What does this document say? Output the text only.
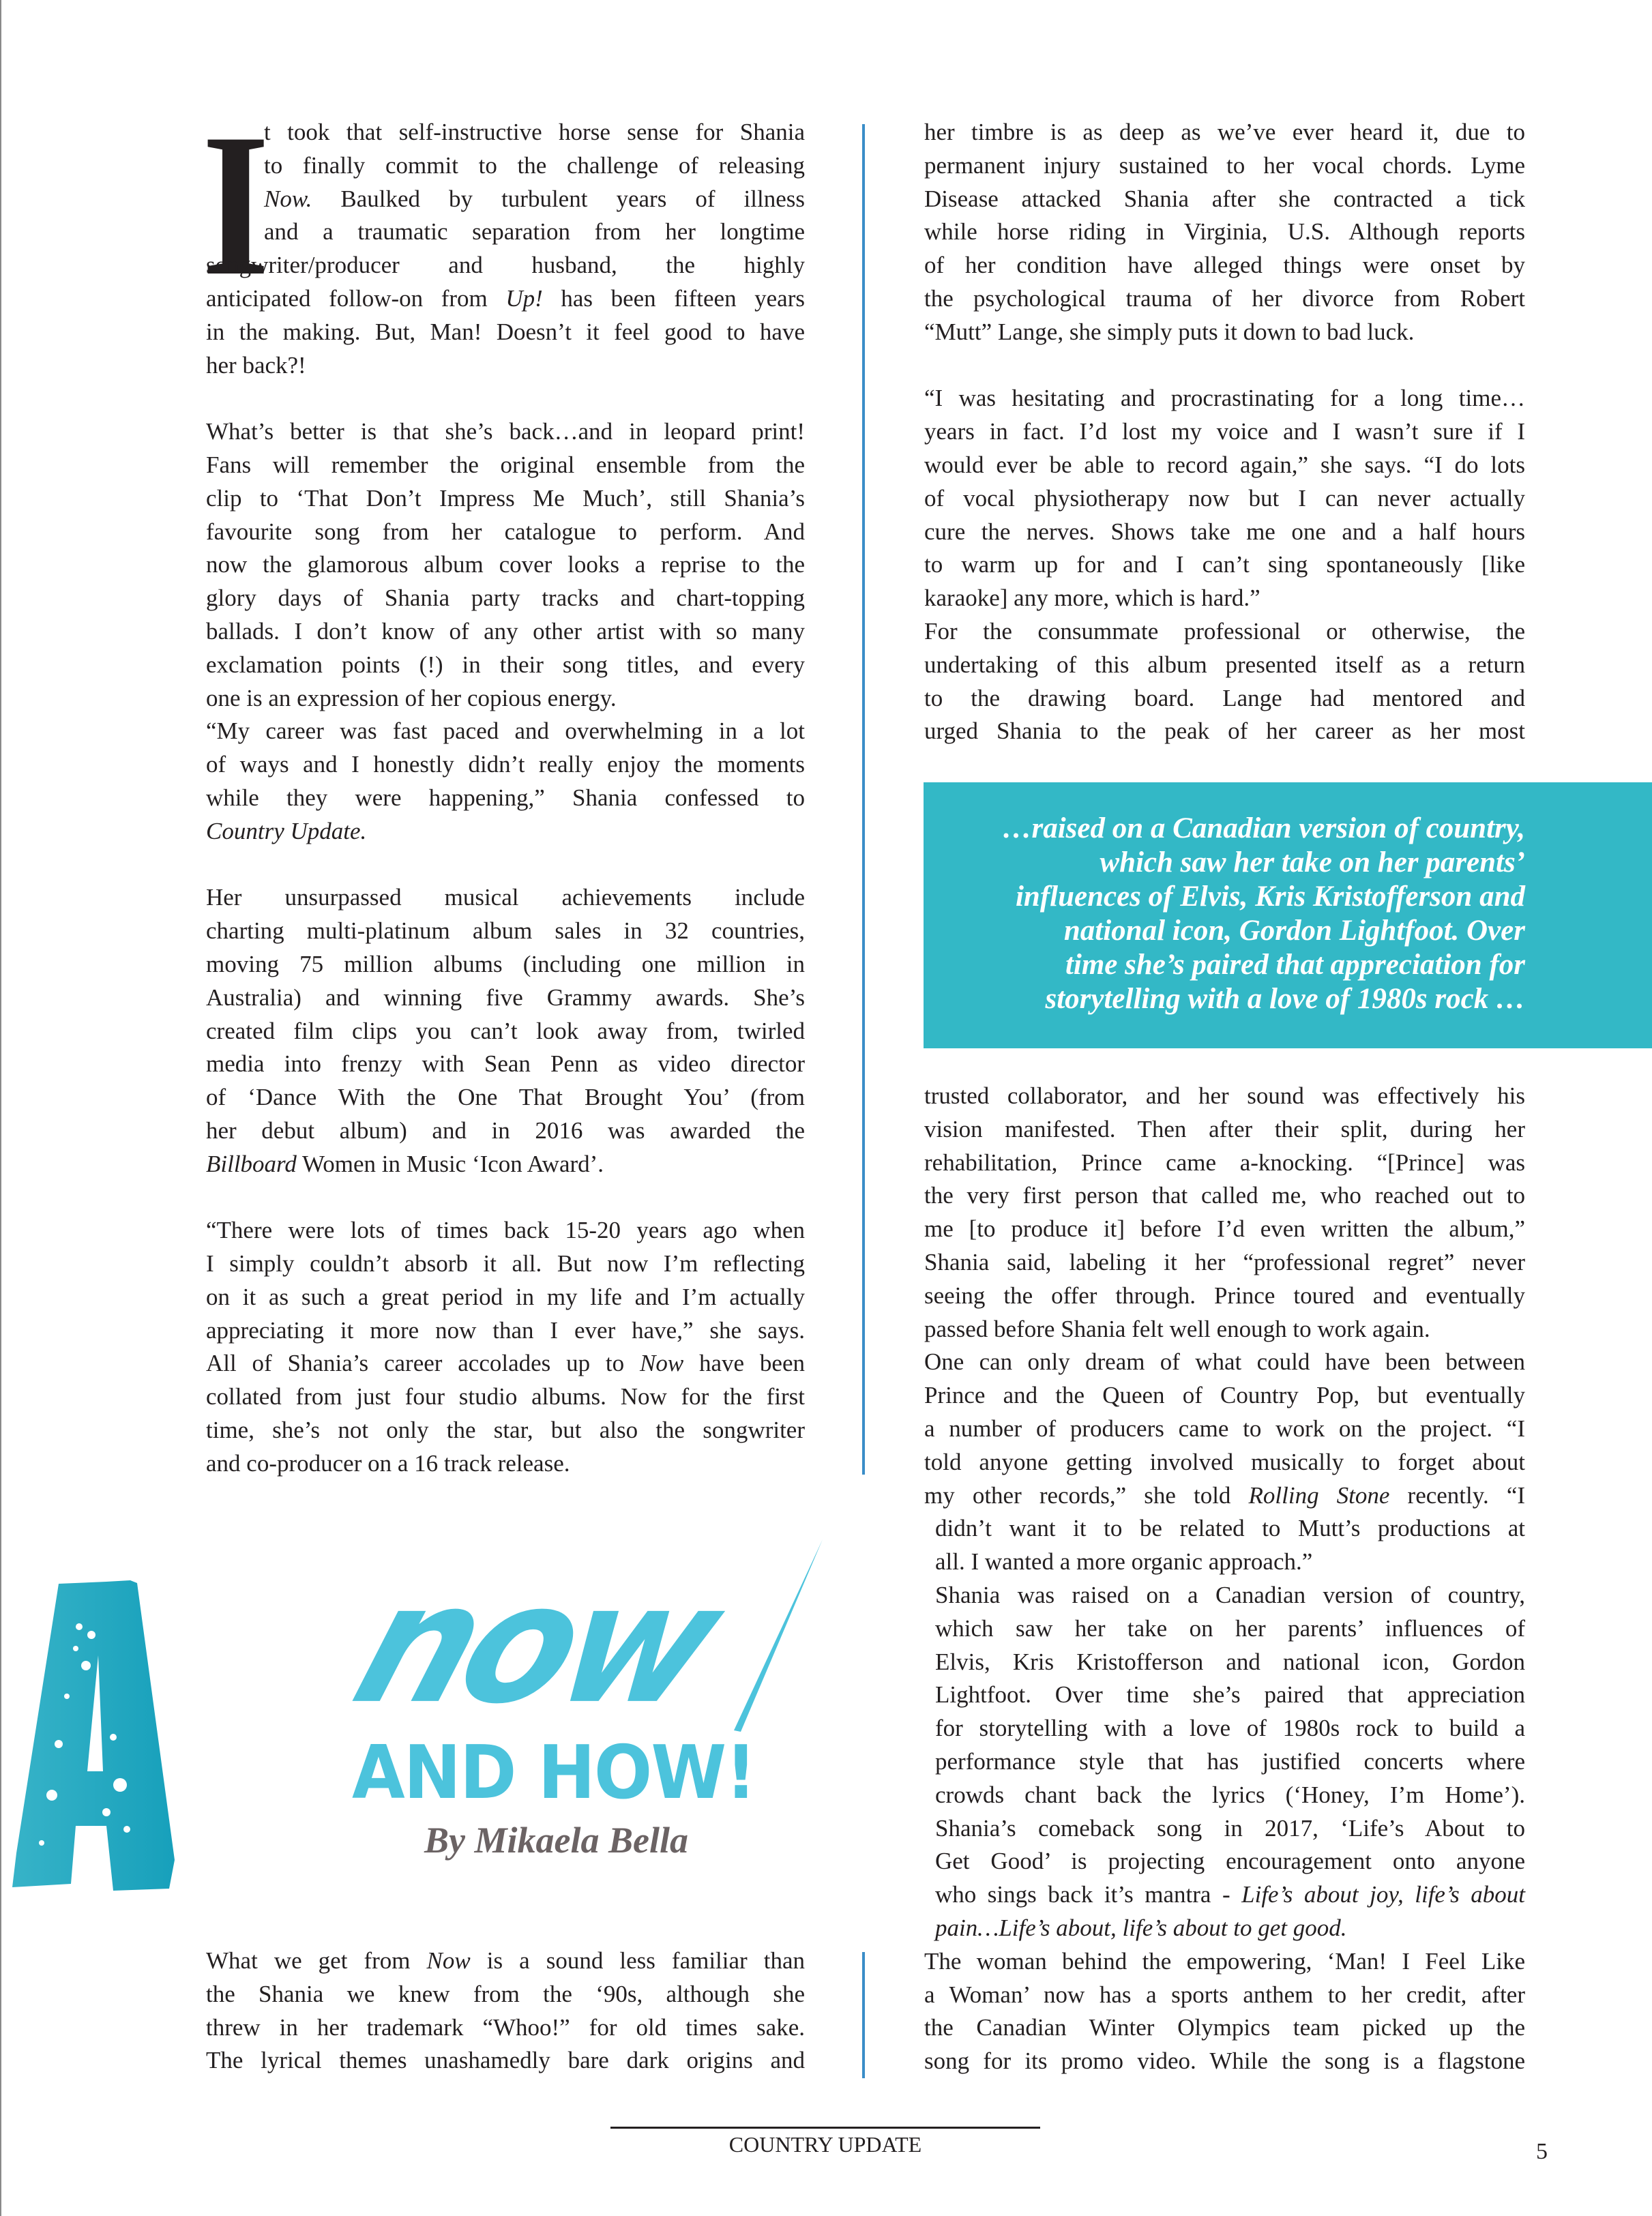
I
t took that self-instructive horse sense for Shania
to finally commit to the challenge of releasing
Now. Baulked by turbulent years of illness
and a traumatic separation from her longtime
songwriter/producer and husband, the highly
anticipated follow-on from Up! has been fifteen years
in the making. But, Man! Doesn’t it feel good to have
her back?!

What’s better is that she’s back…and in leopard print!
Fans will remember the original ensemble from the
clip to ‘That Don’t Impress Me Much’, still Shania’s
favourite song from her catalogue to perform. And
now the glamorous album cover looks a reprise to the
glory days of Shania party tracks and chart-topping
ballads. I don’t know of any other artist with so many
exclamation points (!) in their song titles, and every
one is an expression of her copious energy.
“My career was fast paced and overwhelming in a lot
of ways and I honestly didn’t really enjoy the moments
while they were happening,” Shania confessed to
Country Update.

Her unsurpassed musical achievements include
charting multi-platinum album sales in 32 countries,
moving 75 million albums (including one million in
Australia) and winning five Grammy awards. She’s
created film clips you can’t look away from, twirled
media into frenzy with Sean Penn as video director
of ‘Dance With the One That Brought You’ (from
her debut album) and in 2016 was awarded the
Billboard Women in Music ‘Icon Award’.

“There were lots of times back 15-20 years ago when
I simply couldn’t absorb it all. But now I’m reflecting
on it as such a great period in my life and I’m actually
appreciating it more now than I ever have,” she says.
All of Shania’s career accolades up to Now have been
collated from just four studio albums. Now for the first
time, she’s not only the star, but also the songwriter
and co-producer on a 16 track release.
What we get from Now is a sound less familiar than
the Shania we knew from the ‘90s, although she
threw in her trademark “Whoo!” for old times sake.
The lyrical themes unashamedly bare dark origins and
her timbre is as deep as we’ve ever heard it, due to
permanent injury sustained to her vocal chords. Lyme
Disease attacked Shania after she contracted a tick
while horse riding in Virginia, U.S. Although reports
of her condition have alleged things were onset by
the psychological trauma of her divorce from Robert
“Mutt” Lange, she simply puts it down to bad luck.

“I was hesitating and procrastinating for a long time…
years in fact. I’d lost my voice and I wasn’t sure if I
would ever be able to record again,” she says. “I do lots
of vocal physiotherapy now but I can never actually
cure the nerves. Shows take me one and a half hours
to warm up for and I can’t sing spontaneously [like
karaoke] any more, which is hard.”
For the consummate professional or otherwise, the
undertaking of this album presented itself as a return
to the drawing board. Lange had mentored and
urged Shania to the peak of her career as her most
trusted collaborator, and her sound was effectively his
vision manifested. Then after their split, during her
rehabilitation, Prince came a-knocking. “[Prince] was
the very first person that called me, who reached out to
me [to produce it] before I’d even written the album,”
Shania said, labeling it her “professional regret” never
seeing the offer through. Prince toured and eventually
passed before Shania felt well enough to work again.
One can only dream of what could have been between
Prince and the Queen of Country Pop, but eventually
a number of producers came to work on the project. “I
told anyone getting involved musically to forget about
my other records,” she told Rolling Stone recently. “I
didn’t want it to be related to Mutt’s productions at
all. I wanted a more organic approach.”
Shania was raised on a Canadian version of country,
which saw her take on her parents’ influences of
Elvis, Kris Kristofferson and national icon, Gordon
Lightfoot. Over time she’s paired that appreciation
for storytelling with a love of 1980s rock to build a
performance style that has justified concerts where
crowds chant back the lyrics (‘Honey, I’m Home’).
Shania’s comeback song in 2017, ‘Life’s About to
Get Good’ is projecting encouragement onto anyone
who sings back it’s mantra - Life’s about joy, life’s about
pain…Life’s about, life’s about to get good.
The woman behind the empowering, ‘Man! I Feel Like
a Woman’ now has a sports anthem to her credit, after
the Canadian Winter Olympics team picked up the
song for its promo video. While the song is a flagstone
…raised on a Canadian version of country,
which saw her take on her parents’
influences of Elvis, Kris Kristofferson and
national icon, Gordon Lightfoot. Over
time she’s paired that appreciation for
storytelling with a love of 1980s rock …
now
AND HOW!
By Mikaela Bella
COUNTRY UPDATE	5
